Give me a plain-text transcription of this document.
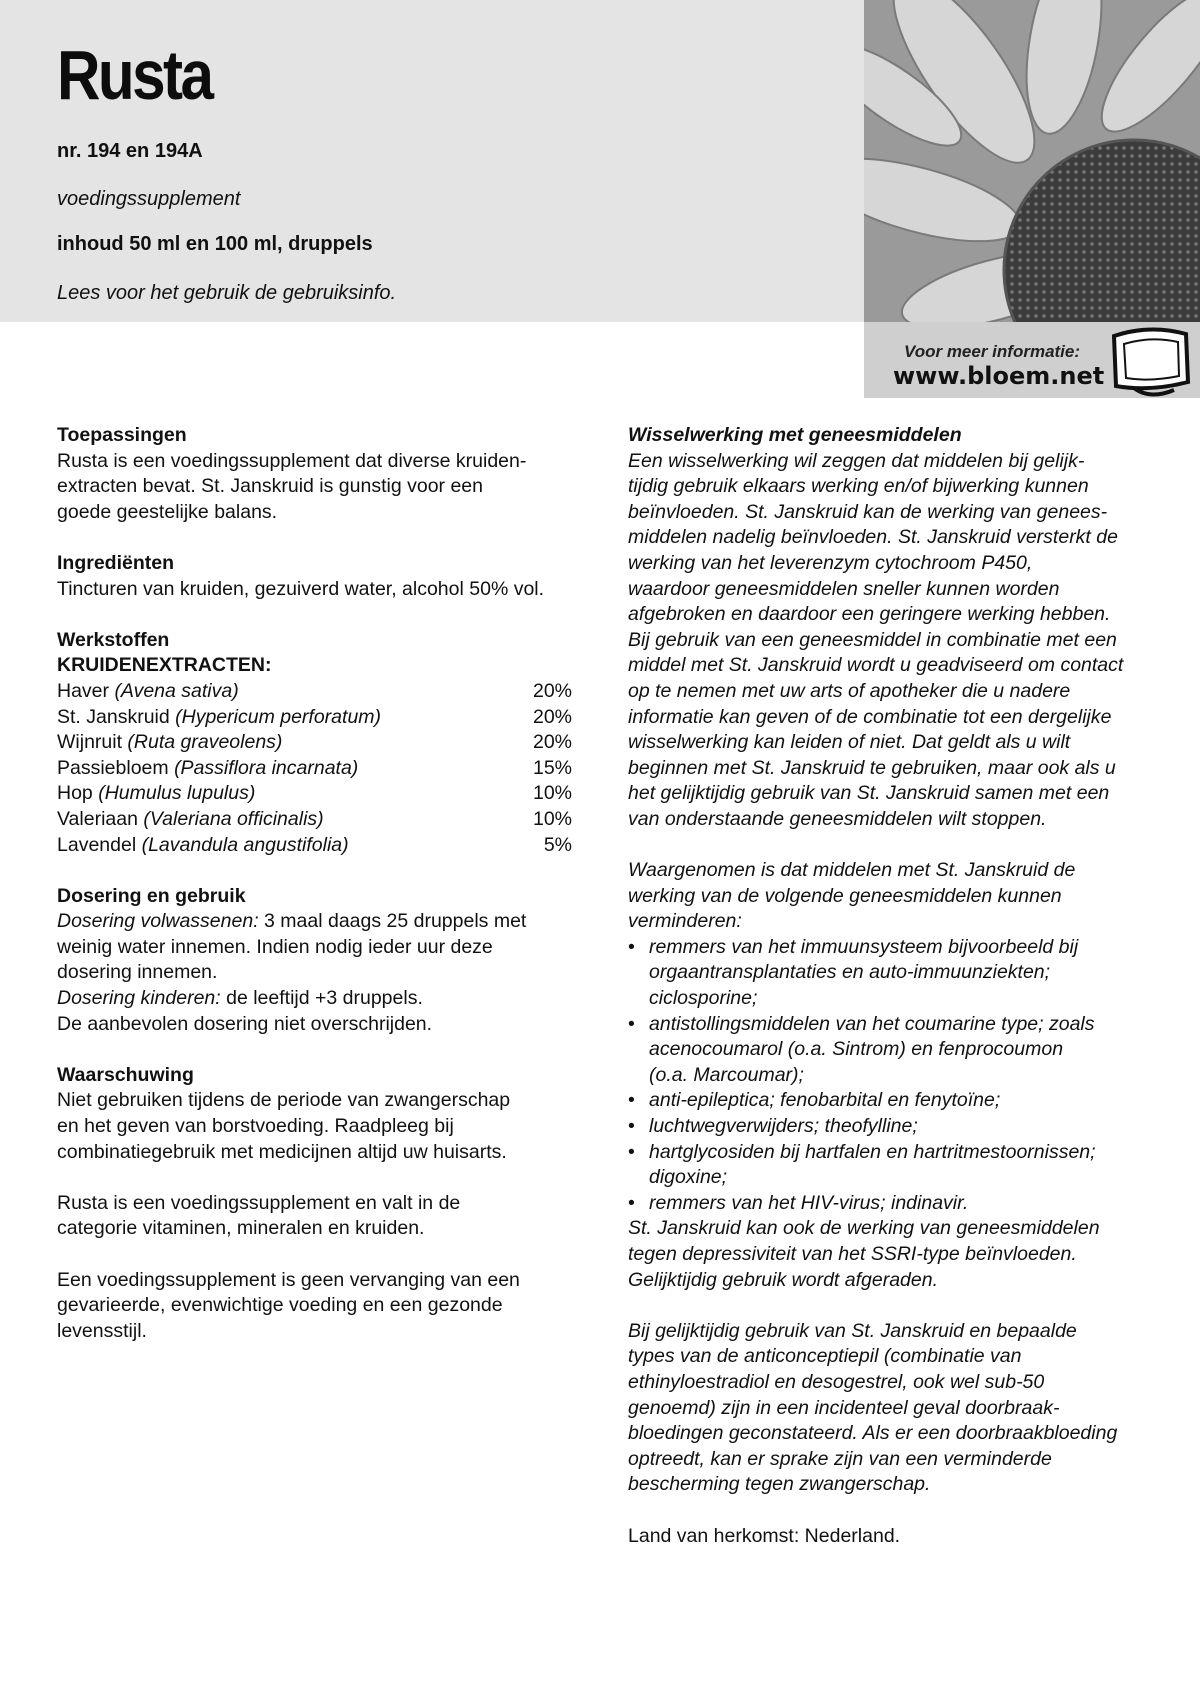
Rusta

nr. 194 en 194A

voedingssupplement

inhoud 50 ml en 100 ml, druppels

Lees voor het gebruik de gebruiksinfo.

Voor meer informatie:
www.bloem.net

Toepassingen

Rusta is een voedingssupplement dat diverse kruiden-

extracten bevat. St. Janskruid is gunstig voor een

goede geestelijke balans.

Ingrediënten

Tincturen van kruiden, gezuiverd water, alcohol 50% vol.

Werkstoffen

KRUIDENEXTRACTEN:

Haver (Avena sativa)	20%
St. Janskruid (Hypericum perforatum)	20%
Wijnruit (Ruta graveolens)	20%
Passiebloem (Passiflora incarnata)	15%
Hop (Humulus lupulus)	10%
Valeriaan (Valeriana officinalis)	10%
Lavendel (Lavandula angustifolia)	5%

Dosering en gebruik

Dosering volwassenen: 3 maal daags 25 druppels met

weinig water innemen. Indien nodig ieder uur deze

dosering innemen.

Dosering kinderen: de leeftijd +3 druppels.

De aanbevolen dosering niet overschrijden.

Waarschuwing

Niet gebruiken tijdens de periode van zwangerschap

en het geven van borstvoeding. Raadpleeg bij

combinatiegebruik met medicijnen altijd uw huisarts.

Rusta is een voedingssupplement en valt in de

categorie vitaminen, mineralen en kruiden.

Een voedingssupplement is geen vervanging van een

gevarieerde, evenwichtige voeding en een gezonde

levensstijl.

Wisselwerking met geneesmiddelen

Een wisselwerking wil zeggen dat middelen bij gelijk-

tijdig gebruik elkaars werking en/of bijwerking kunnen

beïnvloeden. St. Janskruid kan de werking van genees-

middelen nadelig beïnvloeden. St. Janskruid versterkt de

werking van het leverenzym cytochroom P450,

waardoor geneesmiddelen sneller kunnen worden

afgebroken en daardoor een geringere werking hebben.

Bij gebruik van een geneesmiddel in combinatie met een

middel met St. Janskruid wordt u geadviseerd om contact

op te nemen met uw arts of apotheker die u nadere

informatie kan geven of de combinatie tot een dergelijke

wisselwerking kan leiden of niet. Dat geldt als u wilt

beginnen met St. Janskruid te gebruiken, maar ook als u

het gelijktijdig gebruik van St. Janskruid samen met een

van onderstaande geneesmiddelen wilt stoppen.

Waargenomen is dat middelen met St. Janskruid de

werking van de volgende geneesmiddelen kunnen

verminderen:

• remmers van het immuunsysteem bijvoorbeeld bij
orgaantransplantaties en auto-immuunziekten;
ciclosporine;
• antistollingsmiddelen van het coumarine type; zoals
acenocoumarol (o.a. Sintrom) en fenprocoumon
(o.a. Marcoumar);
• anti-epileptica; fenobarbital en fenytoïne;
• luchtwegverwijders; theofylline;
• hartglycosiden bij hartfalen en hartritmestoornissen;
digoxine;
• remmers van het HIV-virus; indinavir.

St. Janskruid kan ook de werking van geneesmiddelen

tegen depressiviteit van het SSRI-type beïnvloeden.

Gelijktijdig gebruik wordt afgeraden.

Bij gelijktijdig gebruik van St. Janskruid en bepaalde

types van de anticonceptiepil (combinatie van

ethinyloestradiol en desogestrel, ook wel sub-50

genoemd) zijn in een incidenteel geval doorbraak-

bloedingen geconstateerd. Als er een doorbraakbloeding

optreedt, kan er sprake zijn van een verminderde

bescherming tegen zwangerschap.

Land van herkomst: Nederland.
